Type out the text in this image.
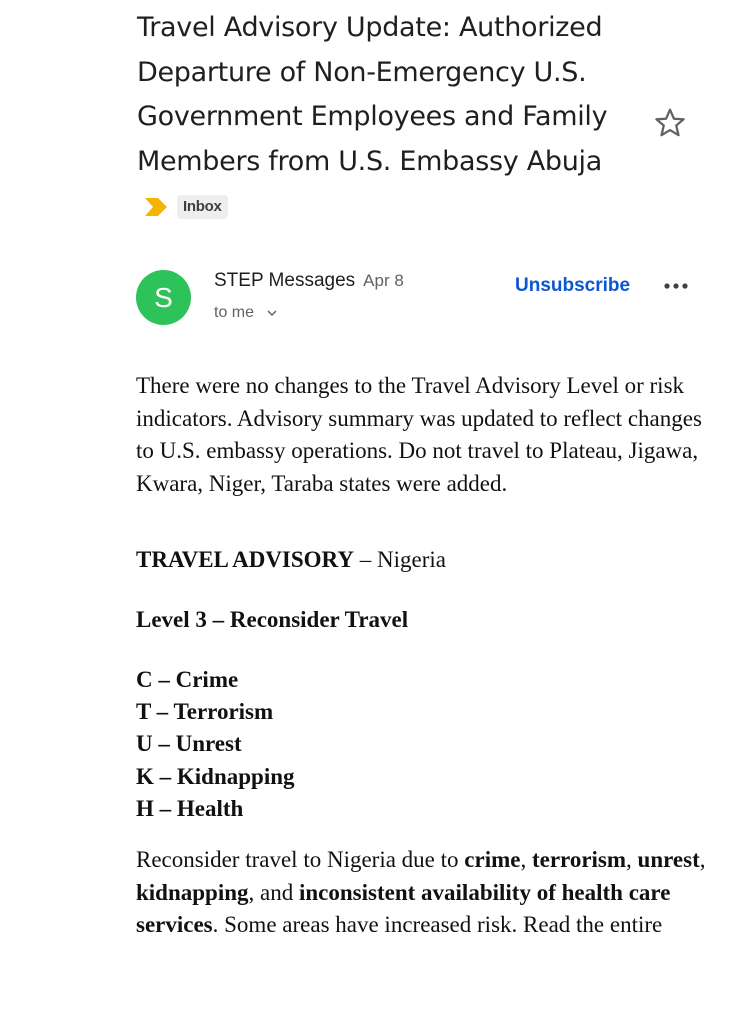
Travel Advisory Update: Authorized Departure of Non-Emergency U.S. Government Employees and Family Members from U.S. Embassy Abuja
Inbox
S
STEP Messages Apr 8
to me
Unsubscribe

There were no changes to the Travel Advisory Level or risk indicators. Advisory summary was updated to reflect changes to U.S. embassy operations. Do not travel to Plateau, Jigawa, Kwara, Niger, Taraba states were added.

TRAVEL ADVISORY – Nigeria

Level 3 – Reconsider Travel

C – Crime
T – Terrorism
U – Unrest
K – Kidnapping
H – Health

Reconsider travel to Nigeria due to crime, terrorism, unrest, kidnapping, and inconsistent availability of health care services. Some areas have increased risk. Read the entire
